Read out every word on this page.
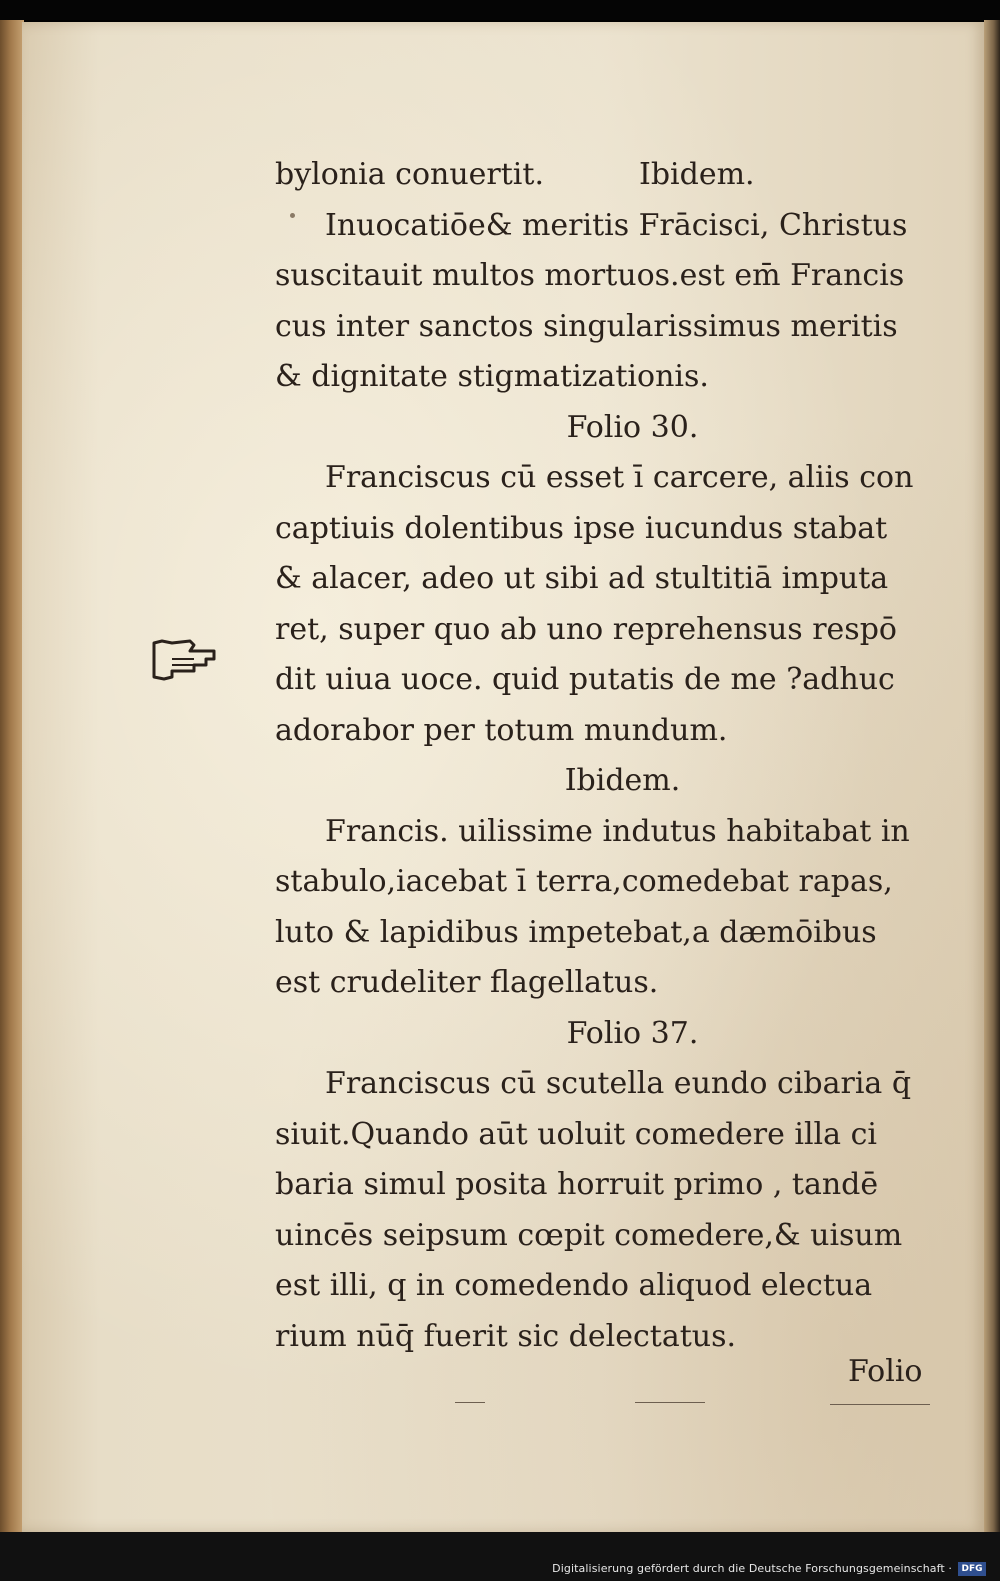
bylonia conuertit.	Ibidem.
Inuocatiōe& meritis Frācisci, Christus
suscitauit multos mortuos.est em̄ Francis
cus inter sanctos singularissimus meritis
& dignitate stigmatizationis.
Folio 30.
Franciscus cū esset ī carcere, aliis con
captiuis dolentibus ipse iucundus stabat
& alacer, adeo ut sibi ad stultitiā imputa
ret, super quo ab uno reprehensus respō
dit uiua uoce. quid putatis de me ?adhuc
adorabor per totum mundum.
Ibidem.
Francis. uilissime indutus habitabat in
stabulo,iacebat ī terra,comedebat rapas,
luto & lapidibus impetebat,a dæmōibus
est crudeliter flagellatus.
Folio 37.
Franciscus cū scutella eundo cibaria q̄
siuit.Quando aūt uoluit comedere illa ci
baria simul posita horruit primo , tandē
uincēs seipsum cœpit comedere,& uisum
est illi, q in comedendo aliquod electua
rium nūq̄ fuerit sic delectatus.
Folio
Digitalisierung gefördert durch die Deutsche Forschungsgemeinschaft ·	DFG
